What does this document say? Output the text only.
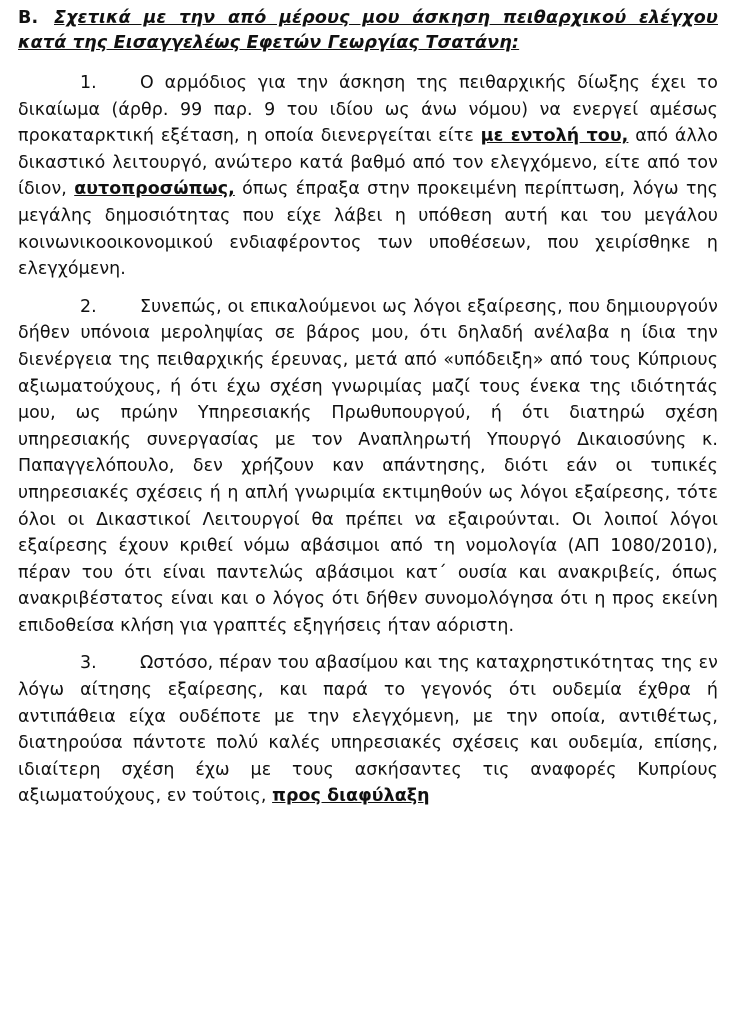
B. Σχετικά με την από μέρους μου άσκηση πειθαρχικού ελέγχου κατά της Εισαγγελέως Εφετών Γεωργίας Τσατάνη:
1. Ο αρμόδιος για την άσκηση της πειθαρχικής δίωξης έχει το δικαίωμα (άρθρ. 99 παρ. 9 του ιδίου ως άνω νόμου) να ενεργεί αμέσως προκαταρκτική εξέταση, η οποία διενεργείται είτε με εντολή του, από άλλο δικαστικό λειτουργό, ανώτερο κατά βαθμό από τον ελεγχόμενο, είτε από τον ίδιον, αυτοπροσώπως, όπως έπραξα στην προκειμένη περίπτωση, λόγω της μεγάλης δημοσιότητας που είχε λάβει η υπόθεση αυτή και του μεγάλου κοινωνικοοικονομικού ενδιαφέροντος των υποθέσεων, που χειρίσθηκε η ελεγχόμενη.
2. Συνεπώς, οι επικαλούμενοι ως λόγοι εξαίρεσης, που δημιουργούν δήθεν υπόνοια μεροληψίας σε βάρος μου, ότι δηλαδή ανέλαβα η ίδια την διενέργεια της πειθαρχικής έρευνας, μετά από «υπόδειξη» από τους Κύπριους αξιωματούχους, ή ότι έχω σχέση γνωριμίας μαζί τους ένεκα της ιδιότητάς μου, ως πρώην Υπηρεσιακής Πρωθυπουργού, ή ότι διατηρώ σχέση υπηρεσιακής συνεργασίας με τον Αναπληρωτή Υπουργό Δικαιοσύνης κ. Παπαγγελόπουλο, δεν χρήζουν καν απάντησης, διότι εάν οι τυπικές υπηρεσιακές σχέσεις ή η απλή γνωριμία εκτιμηθούν ως λόγοι εξαίρεσης, τότε όλοι οι Δικαστικοί Λειτουργοί θα πρέπει να εξαιρούνται. Οι λοιποί λόγοι εξαίρεσης έχουν κριθεί νόμω αβάσιμοι από τη νομολογία (ΑΠ 1080/2010), πέραν του ότι είναι παντελώς αβάσιμοι κατ΄ ουσία και ανακριβείς, όπως ανακριβέστατος είναι και ο λόγος ότι δήθεν συνομολόγησα ότι η προς εκείνη επιδοθείσα κλήση για γραπτές εξηγήσεις ήταν αόριστη.
3. Ωστόσο, πέραν του αβασίμου και της καταχρηστικότητας της εν λόγω αίτησης εξαίρεσης, και παρά το γεγονός ότι ουδεμία έχθρα ή αντιπάθεια είχα ουδέποτε με την ελεγχόμενη, με την οποία, αντιθέτως, διατηρούσα πάντοτε πολύ καλές υπηρεσιακές σχέσεις και ουδεμία, επίσης, ιδιαίτερη σχέση έχω με τους ασκήσαντες τις αναφορές Κυπρίους αξιωματούχους, εν τούτοις, προς διαφύλαξη
